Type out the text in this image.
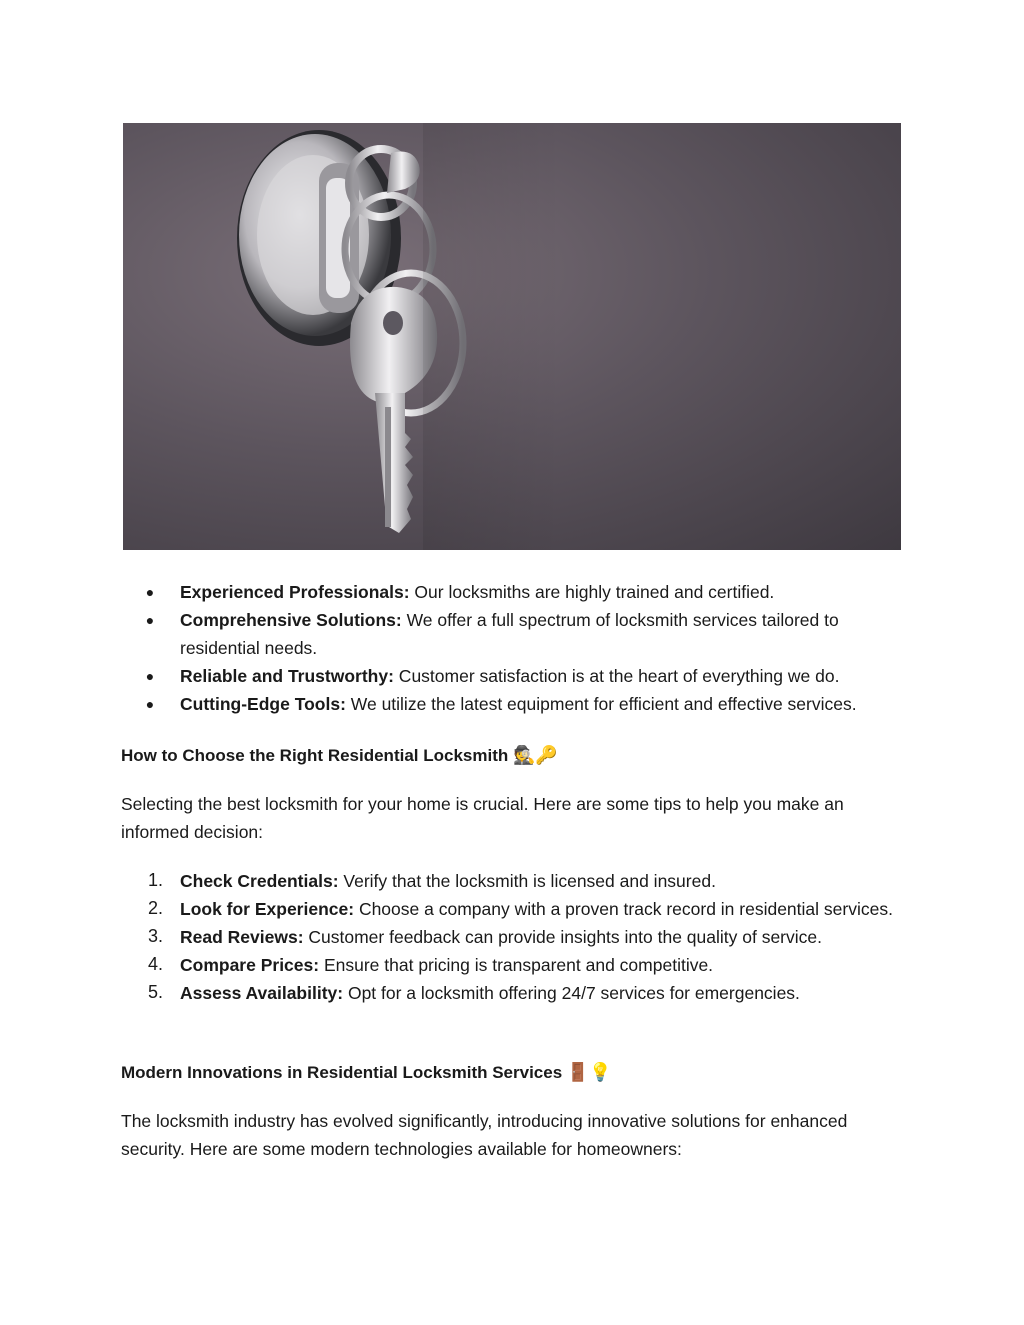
●	Experienced Professionals: Our locksmiths are highly trained and certified.
●	Comprehensive Solutions: We offer a full spectrum of locksmith services tailored to residential needs.
●	Reliable and Trustworthy: Customer satisfaction is at the heart of everything we do.
●	Cutting-Edge Tools: We utilize the latest equipment for efficient and effective services.
How to Choose the Right Residential Locksmith 🕵🔑

Selecting the best locksmith for your home is crucial. Here are some tips to help you make an informed decision:

1. Check Credentials: Verify that the locksmith is licensed and insured.
2. Look for Experience: Choose a company with a proven track record in residential services.
3. Read Reviews: Customer feedback can provide insights into the quality of service.
4. Compare Prices: Ensure that pricing is transparent and competitive.
5. Assess Availability: Opt for a locksmith offering 24/7 services for emergencies.
Modern Innovations in Residential Locksmith Services 🚪💡

The locksmith industry has evolved significantly, introducing innovative solutions for enhanced security. Here are some modern technologies available for homeowners:
